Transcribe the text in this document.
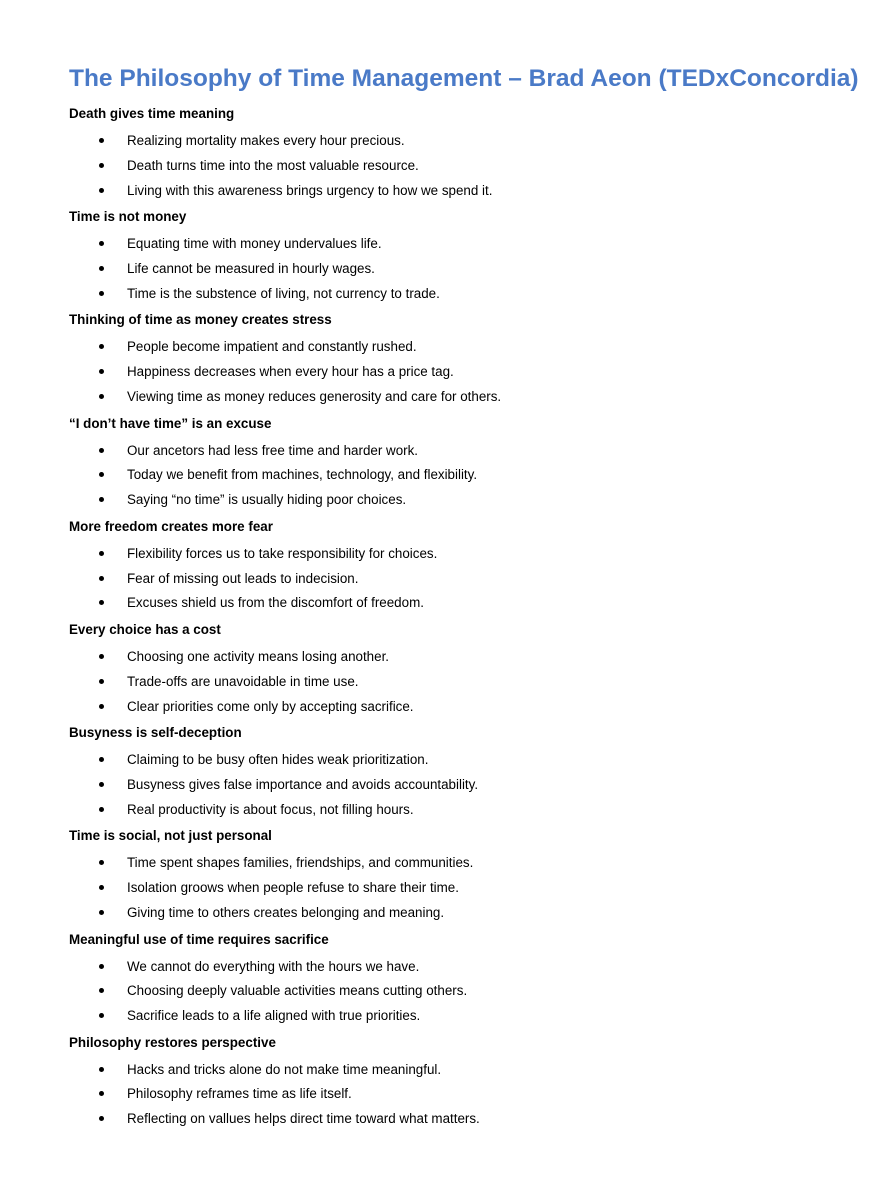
The Philosophy of Time Management – Brad Aeon (TEDxConcordia)
Death gives time meaning
Realizing mortality makes every hour precious.
Death turns time into the most valuable resource.
Living with this awareness brings urgency to how we spend it.
Time is not money
Equating time with money undervalues life.
Life cannot be measured in hourly wages.
Time is the substence of living, not currency to trade.
Thinking of time as money creates stress
People become impatient and constantly rushed.
Happiness decreases when every hour has a price tag.
Viewing time as money reduces generosity and care for others.
“I don’t have time” is an excuse
Our ancetors had less free time and harder work.
Today we benefit from machines, technology, and flexibility.
Saying “no time” is usually hiding poor choices.
More freedom creates more fear
Flexibility forces us to take responsibility for choices.
Fear of missing out leads to indecision.
Excuses shield us from the discomfort of freedom.
Every choice has a cost
Choosing one activity means losing another.
Trade-offs are unavoidable in time use.
Clear priorities come only by accepting sacrifice.
Busyness is self-deception
Claiming to be busy often hides weak prioritization.
Busyness gives false importance and avoids accountability.
Real productivity is about focus, not filling hours.
Time is social, not just personal
Time spent shapes families, friendships, and communities.
Isolation groows when people refuse to share their time.
Giving time to others creates belonging and meaning.
Meaningful use of time requires sacrifice
We cannot do everything with the hours we have.
Choosing deeply valuable activities means cutting others.
Sacrifice leads to a life aligned with true priorities.
Philosophy restores perspective
Hacks and tricks alone do not make time meaningful.
Philosophy reframes time as life itself.
Reflecting on vallues helps direct time toward what matters.
